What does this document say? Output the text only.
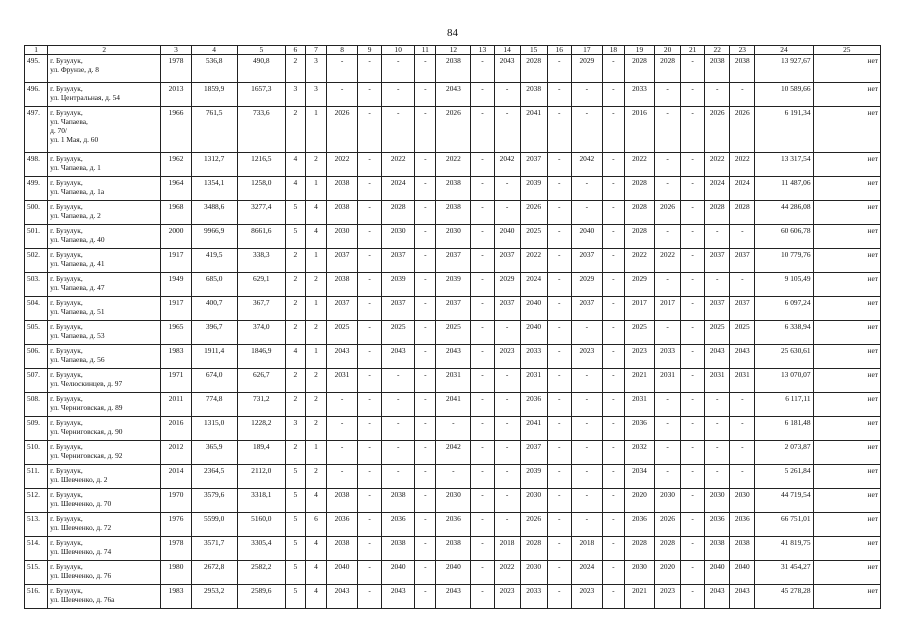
84
1	2	3	4	5	6	7	8	9	10	11	12	13	14	15	16	17	18	19	20	21	22	23	24	25
495.	г. Бузулук,
ул. Фрунзе, д. 8	1978	536,8	490,8	2	3	-	-	-	-	2038	-	2043	2028	-	2029	-	2028	2028	-	2038	2038	13 927,67	нет
496.	г. Бузулук,
ул. Центральная, д. 54	2013	1859,9	1657,3	3	3	-	-	-	-	2043	-	-	2038	-	-	-	2033	-	-	-	-	10 589,66	нет
497.	г. Бузулук,
ул. Чапаева,
д. 70/
ул. 1 Мая, д. 60	1966	761,5	733,6	2	1	2026	-	-	-	2026	-	-	2041	-	-	-	2016	-	-	2026	2026	6 191,34	нет
498.	г. Бузулук,
ул. Чапаева, д. 1	1962	1312,7	1216,5	4	2	2022	-	2022	-	2022	-	2042	2037	-	2042	-	2022	-	-	2022	2022	13 317,54	нет
499.	г. Бузулук,
ул. Чапаева, д. 1а	1964	1354,1	1258,0	4	1	2038	-	2024	-	2038	-	-	2039	-	-	-	2028	-	-	2024	2024	11 487,06	нет
500.	г. Бузулук,
ул. Чапаева, д. 2	1968	3488,6	3277,4	5	4	2038	-	2028	-	2038	-	-	2026	-	-	-	2028	2026	-	2028	2028	44 286,08	нет
501.	г. Бузулук,
ул. Чапаева, д. 40	2000	9966,9	8661,6	5	4	2030	-	2030	-	2030	-	2040	2025	-	2040	-	2028	-	-	-	-	60 606,78	нет
502.	г. Бузулук,
ул. Чапаева, д. 41	1917	419,5	338,3	2	1	2037	-	2037	-	2037	-	2037	2022	-	2037	-	2022	2022	-	2037	2037	10 779,76	нет
503.	г. Бузулук,
ул. Чапаева, д. 47	1949	685,0	629,1	2	2	2038	-	2039	-	2039	-	2029	2024	-	2029	-	2029	-	-	-	-	9 105,49	нет
504.	г. Бузулук,
ул. Чапаева, д. 51	1917	400,7	367,7	2	1	2037	-	2037	-	2037	-	2037	2040	-	2037	-	2017	2017	-	2037	2037	6 097,24	нет
505.	г. Бузулук,
ул. Чапаева, д. 53	1965	396,7	374,0	2	2	2025	-	2025	-	2025	-	-	2040	-	-	-	2025	-	-	2025	2025	6 338,94	нет
506.	г. Бузулук,
ул. Чапаева, д. 56	1983	1911,4	1846,9	4	1	2043	-	2043	-	2043	-	2023	2033	-	2023	-	2023	2033	-	2043	2043	25 630,61	нет
507.	г. Бузулук,
ул. Челюскинцев, д. 97	1971	674,0	626,7	2	2	2031	-	-	-	2031	-	-	2031	-	-	-	2021	2031	-	2031	2031	13 070,07	нет
508.	г. Бузулук,
ул. Черниговская, д. 89	2011	774,8	731,2	2	2	-	-	-	-	2041	-	-	2036	-	-	-	2031	-	-	-	-	6 117,11	нет
509.	г. Бузулук,
ул. Черниговская, д. 90	2016	1315,0	1228,2	3	2	-	-	-	-	-	-	-	2041	-	-	-	2036	-	-	-	-	6 181,48	нет
510.	г. Бузулук,
ул. Черниговская, д. 92	2012	365,9	189,4	2	1	-	-	-	-	2042	-	-	2037	-	-	-	2032	-	-	-	-	2 073,87	нет
511.	г. Бузулук,
ул. Шевченко, д. 2	2014	2364,5	2112,0	5	2	-	-	-	-	-	-	-	2039	-	-	-	2034	-	-	-	-	5 261,84	нет
512.	г. Бузулук,
ул. Шевченко, д. 70	1970	3579,6	3318,1	5	4	2038	-	2038	-	2030	-	-	2030	-	-	-	2020	2030	-	2030	2030	44 719,54	нет
513.	г. Бузулук,
ул. Шевченко, д. 72	1976	5599,0	5160,0	5	6	2036	-	2036	-	2036	-	-	2026	-	-	-	2036	2026	-	2036	2036	66 751,01	нет
514.	г. Бузулук,
ул. Шевченко, д. 74	1978	3571,7	3305,4	5	4	2038	-	2038	-	2038	-	2018	2028	-	2018	-	2028	2028	-	2038	2038	41 819,75	нет
515.	г. Бузулук,
ул. Шевченко, д. 76	1980	2672,8	2582,2	5	4	2040	-	2040	-	2040	-	2022	2030	-	2024	-	2030	2020	-	2040	2040	31 454,27	нет
516.	г. Бузулук,
ул. Шевченко, д. 76а	1983	2953,2	2589,6	5	4	2043	-	2043	-	2043	-	2023	2033	-	2023	-	2021	2023	-	2043	2043	45 278,28	нет
